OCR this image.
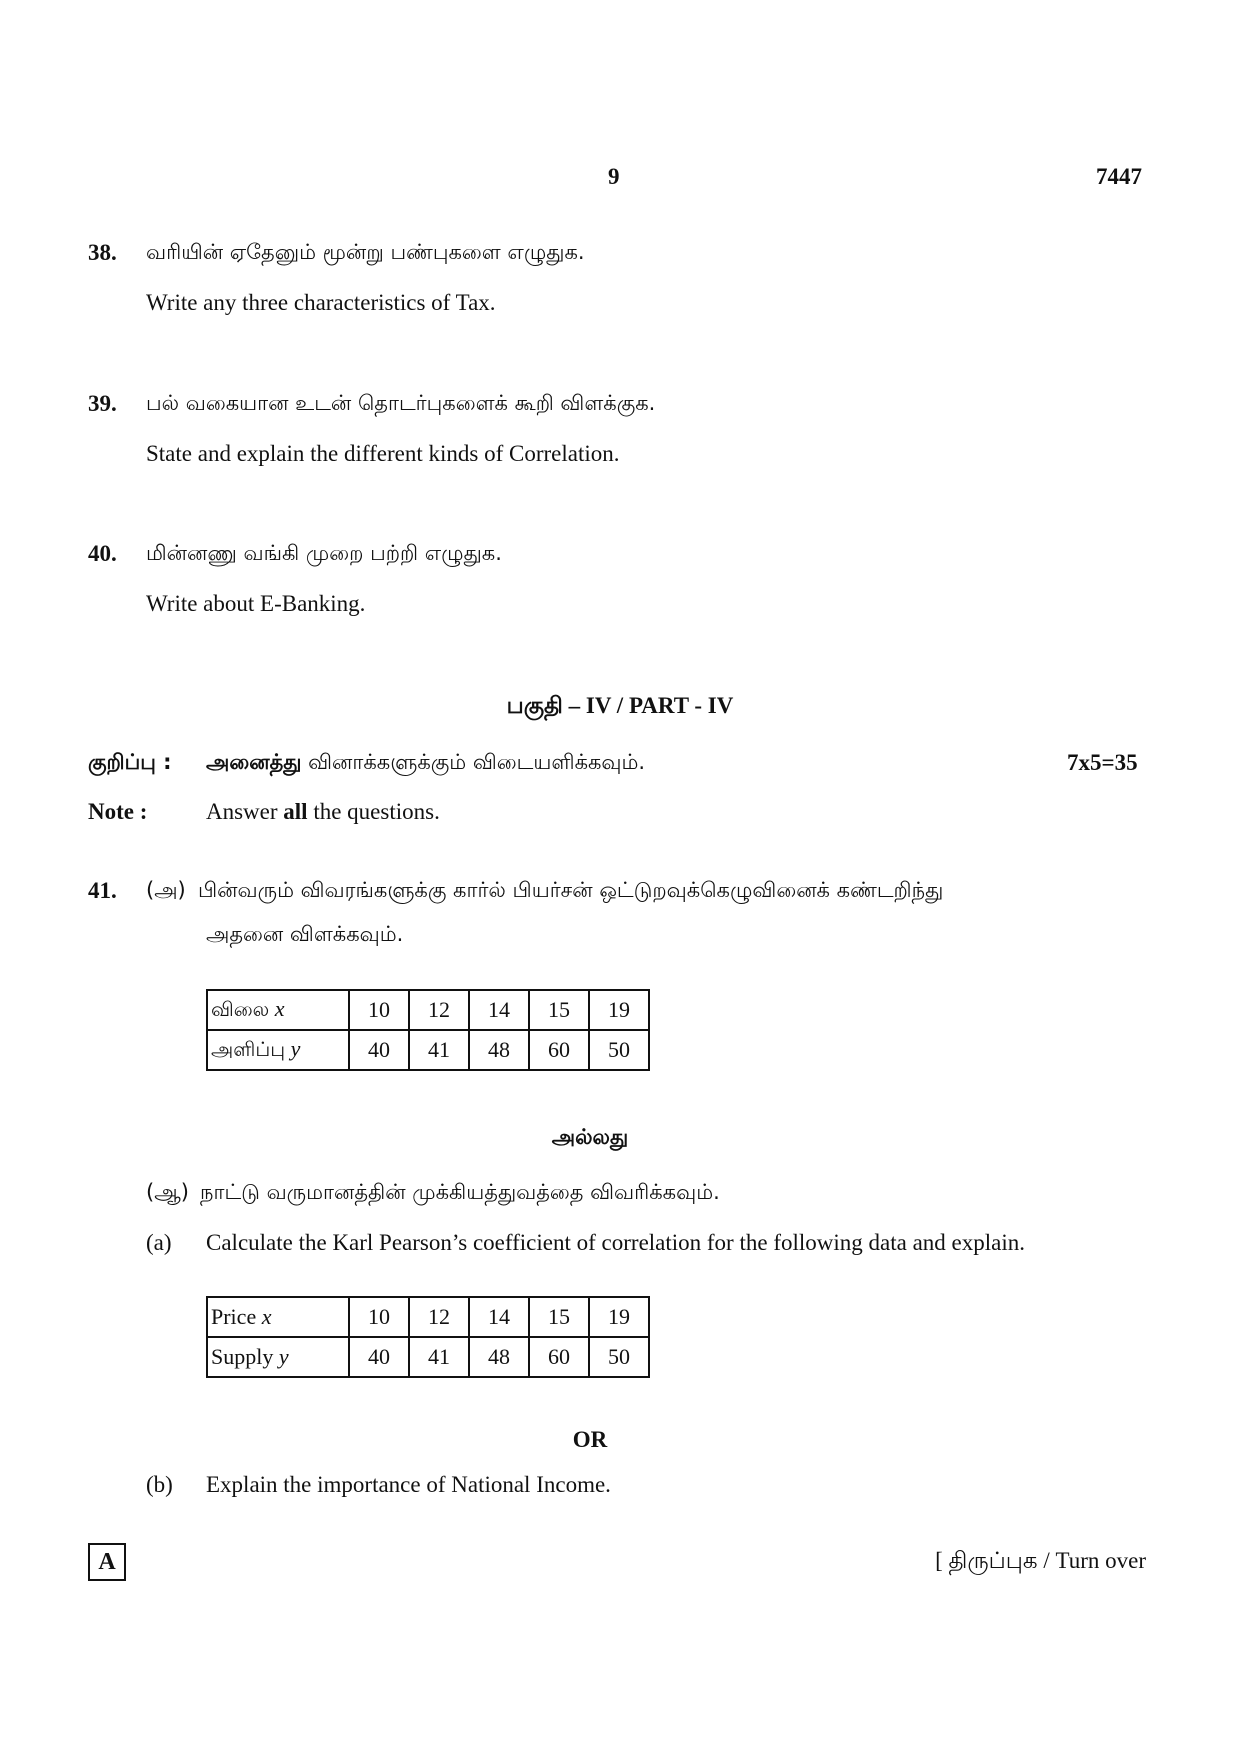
9	7447
38. வரியின் ஏதேனும் மூன்று பண்புகளை எழுதுக.
Write any three characteristics of Tax.
39. பல் வகையான உடன் தொடர்புகளைக் கூறி விளக்குக.
State and explain the different kinds of Correlation.
40. மின்னணு வங்கி முறை பற்றி எழுதுக.
Write about E-Banking.
பகுதி – IV / PART - IV
குறிப்பு : அனைத்து வினாக்களுக்கும் விடையளிக்கவும்.	7x5=35
Note :	Answer all the questions.
41. (அ) பின்வரும் விவரங்களுக்கு கார்ல் பியர்சன் ஒட்டுறவுக்கெழுவினைக் கண்டறிந்து
அதனை விளக்கவும்.
விலை x	10	12	14	15	19
அளிப்பு y	40	41	48	60	50
அல்லது
(ஆ) நாட்டு வருமானத்தின் முக்கியத்துவத்தை விவரிக்கவும்.
(a) Calculate the Karl Pearson’s coefficient of correlation for the following data and explain.
Price x	10	12	14	15	19
Supply y	40	41	48	60	50
OR
(b) Explain the importance of National Income.
A	[ திருப்புக / Turn over
